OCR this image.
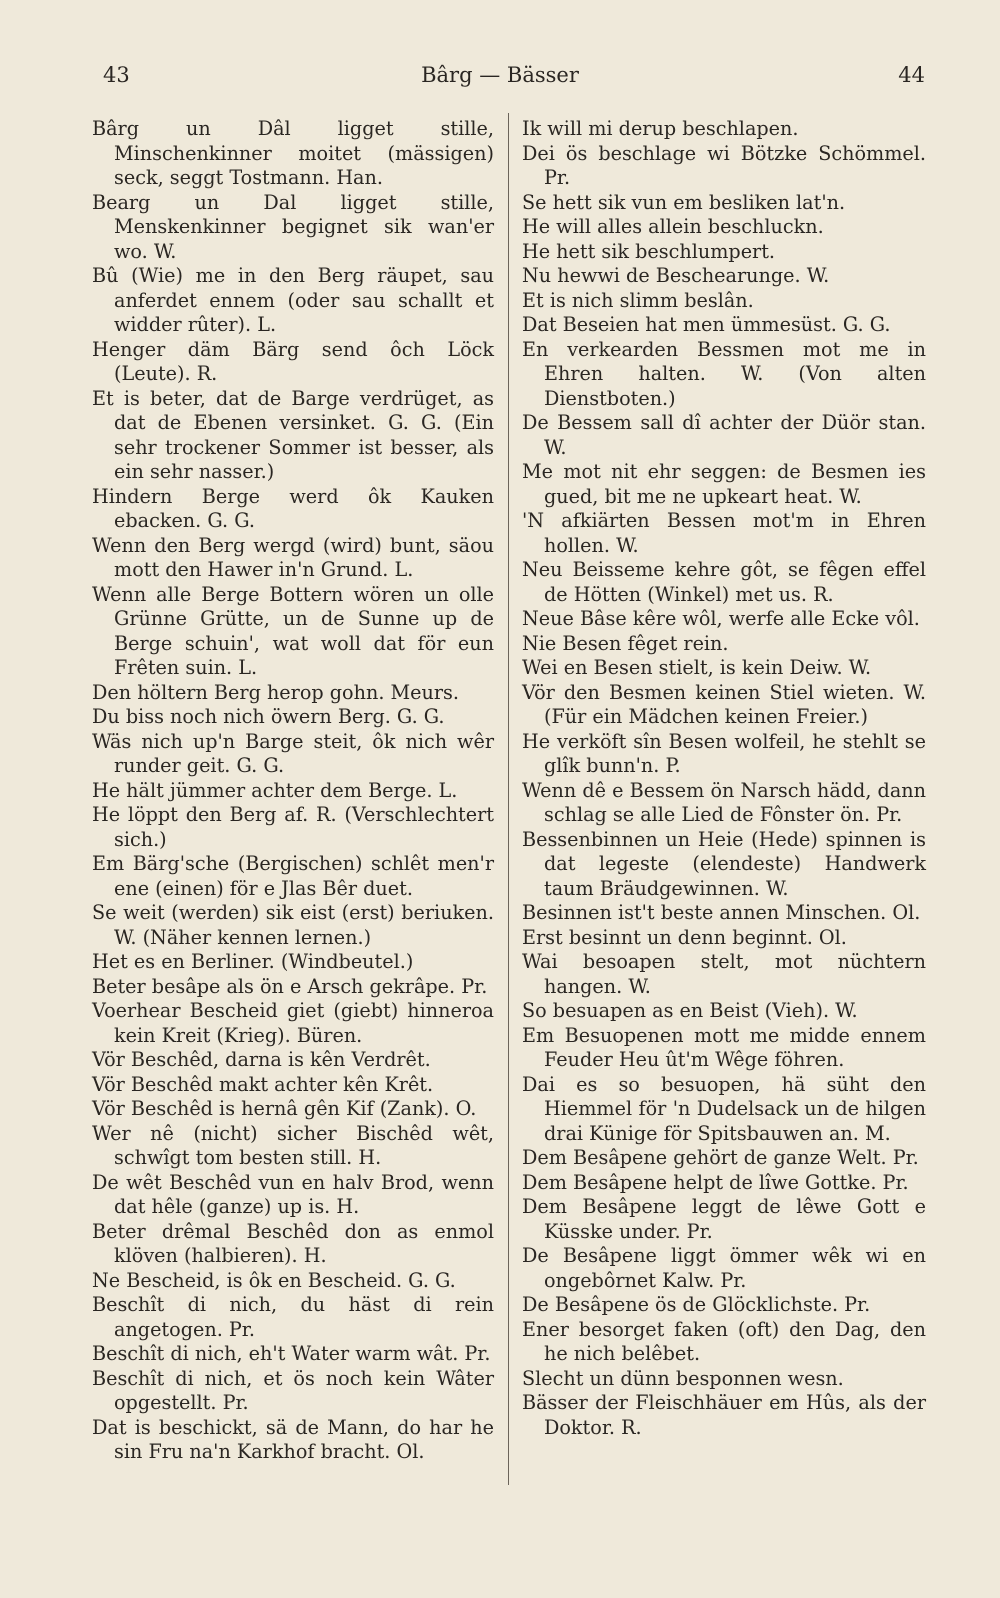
43	Bârg — Bässer	44
Bârg un Dâl ligget stille, Minschenkinner moitet (mässigen) seck, seggt Tostmann. Han.
Bearg un Dal ligget stille, Menskenkinner begignet sik wan'er wo. W.
Bû (Wie) me in den Berg räupet, sau anferdet ennem (oder sau schallt et widder rûter). L.
Henger däm Bärg send ôch Löck (Leute). R.
Et is beter, dat de Barge verdrüget, as dat de Ebenen versinket. G. G. (Ein sehr trockener Sommer ist besser, als ein sehr nasser.)
Hindern Berge werd ôk Kauken ebacken. G. G.
Wenn den Berg wergd (wird) bunt, säou mott den Hawer in'n Grund. L.
Wenn alle Berge Bottern wören un olle Grünne Grütte, un de Sunne up de Berge schuin', wat woll dat för eun Frêten suin. L.
Den höltern Berg herop gohn. Meurs.
Du biss noch nich öwern Berg. G. G.
Wäs nich up'n Barge steit, ôk nich wêr runder geit. G. G.
He hält jümmer achter dem Berge. L.
He löppt den Berg af. R. (Verschlechtert sich.)
Em Bärg'sche (Bergischen) schlêt men'r ene (einen) för e Jlas Bêr duet.
Se weit (werden) sik eist (erst) beriuken. W. (Näher kennen lernen.)
Het es en Berliner. (Windbeutel.)
Beter besâpe als ön e Arsch gekrâpe. Pr.
Voerhear Bescheid giet (giebt) hinneroa kein Kreit (Krieg). Büren.
Vör Beschêd, darna is kên Verdrêt.
Vör Beschêd makt achter kên Krêt.
Vör Beschêd is hernâ gên Kif (Zank). O.
Wer nê (nicht) sicher Bischêd wêt, schwîgt tom besten still. H.
De wêt Beschêd vun en halv Brod, wenn dat hêle (ganze) up is. H.
Beter drêmal Beschêd don as enmol klöven (halbieren). H.
Ne Bescheid, is ôk en Bescheid. G. G.
Beschît di nich, du häst di rein angetogen. Pr.
Beschît di nich, eh't Water warm wât. Pr.
Beschît di nich, et ös noch kein Wâter opgestellt. Pr.
Dat is beschickt, sä de Mann, do har he sin Fru na'n Karkhof bracht. Ol.
Ik will mi derup beschlapen.
Dei ös beschlage wi Bötzke Schömmel. Pr.
Se hett sik vun em besliken lat'n.
He will alles allein beschluckn.
He hett sik beschlumpert.
Nu hewwi de Beschearunge. W.
Et is nich slimm beslân.
Dat Beseien hat men ümmesüst. G. G.
En verkearden Bessmen mot me in Ehren halten. W. (Von alten Dienstboten.)
De Bessem sall dî achter der Düör stan. W.
Me mot nit ehr seggen: de Besmen ies gued, bit me ne upkeart heat. W.
'N afkiärten Bessen mot'm in Ehren hollen. W.
Neu Beisseme kehre gôt, se fêgen effel de Hötten (Winkel) met us. R.
Neue Bâse kêre wôl, werfe alle Ecke vôl.
Nie Besen fêget rein.
Wei en Besen stielt, is kein Deiw. W.
Vör den Besmen keinen Stiel wieten. W. (Für ein Mädchen keinen Freier.)
He verköft sîn Besen wolfeil, he stehlt se glîk bunn'n. P.
Wenn dê e Bessem ön Narsch hädd, dann schlag se alle Lied de Fônster ön. Pr.
Bessenbinnen un Heie (Hede) spinnen is dat legeste (elendeste) Handwerk taum Bräudgewinnen. W.
Besinnen ist't beste annen Minschen. Ol.
Erst besinnt un denn beginnt. Ol.
Wai besoapen stelt, mot nüchtern hangen. W.
So besuapen as en Beist (Vieh). W.
Em Besuopenen mott me midde ennem Feuder Heu ût'm Wêge föhren.
Dai es so besuopen, hä süht den Hiemmel för 'n Dudelsack un de hilgen drai Künige för Spitsbauwen an. M.
Dem Besâpene gehört de ganze Welt. Pr.
Dem Besâpene helpt de lîwe Gottke. Pr.
Dem Besâpene leggt de lêwe Gott e Küsske under. Pr.
De Besâpene liggt ömmer wêk wi en ongebôrnet Kalw. Pr.
De Besâpene ös de Glöcklichste. Pr.
Ener besorget faken (oft) den Dag, den he nich belêbet.
Slecht un dünn besponnen wesn.
Bässer der Fleischhäuer em Hûs, als der Doktor. R.
